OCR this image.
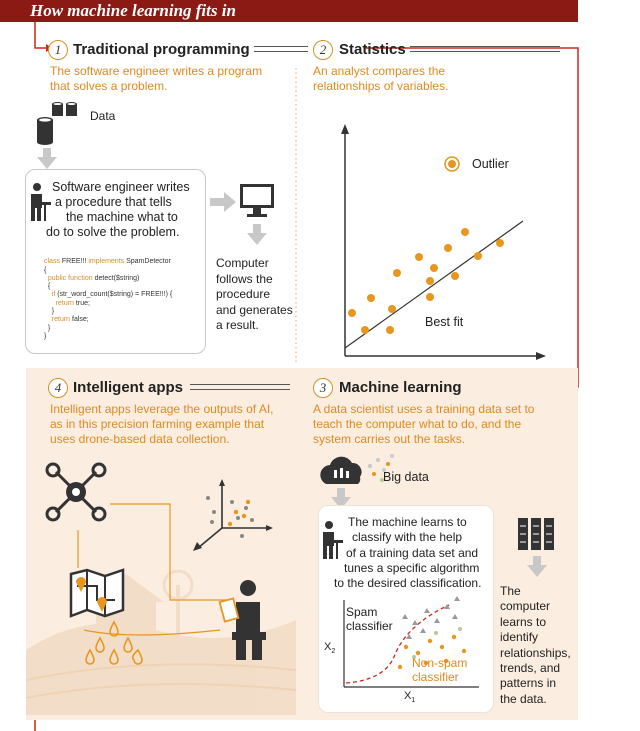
How machine learning fits in
1 Traditional programming
The software engineer writes a program
that solves a problem.
Data
Software engineer writes
a procedure that tells
the machine what to
do to solve the problem.

class FREE!!! implements SpamDetector
{
public function detect($string)
{
if (str_word_count($string) = FREE!!!) {
return true;
}
return false;
}
}

Computer
follows the
procedure
and generates
a result.
2 Statistics
An analyst compares the
relationships of variables.
Outlier
Best fit
4 Intelligent apps
Intelligent apps leverage the outputs of AI,
as in this precision farming example that
uses drone-based data collection.
3 Machine learning
A data scientist uses a training data set to
teach the computer what to do, and the
system carries out the tasks.
Big data
The machine learns to
classify with the help
of a training data set and
tunes a specific algorithm
to the desired classification.
Spam
classifier
Non-spam
classifier
$X_2$
$X_1$
The
computer
learns to
identify
relationships,
trends, and
patterns in
the data.
